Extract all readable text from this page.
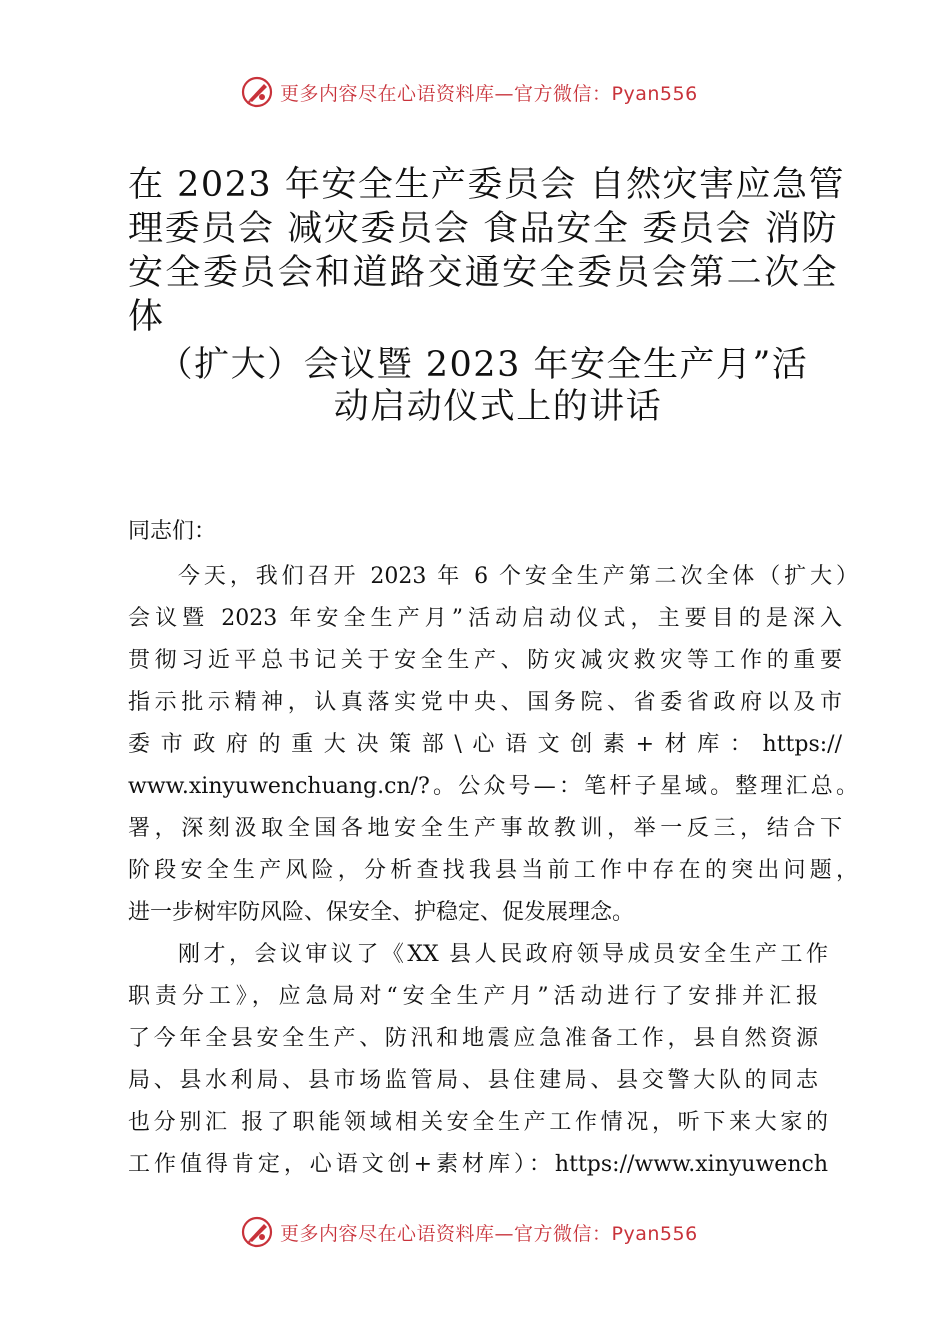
更多内容尽在心语资料库—官方微信：Pyan556
在 2023 年安全生产委员会 自然灾害应急管
理委员会 减灾委员会 食品安全 委员会 消防
安全委员会和道路交通安全委员会第二次全
体
（扩大）会议暨 2023 年安全生产月”活
动启动仪式上的讲话
同志们：
今天，我们召开 2023 年 6 个安全生产第二次全体（扩大）
会议暨 2023 年安全生产月”活动启动仪式，主要目的是深入
贯彻习近平总书记关于安全生产、防灾减灾救灾等工作的重要
指示批示精神，认真落实党中央、国务院、省委省政府以及市
委市政府的重大决策部\心语文创素+材库：https://
www.xinyuwenchuang.cn/?。公众号—：笔杆子星域。整理汇总。
署，深刻汲取全国各地安全生产事故教训，举一反三，结合下
阶段安全生产风险，分析查找我县当前工作中存在的突出问题，
进一步树牢防风险、保安全、护稳定、促发展理念。
刚才，会议审议了《XX 县人民政府领导成员安全生产工作
职责分工》，应急局对“安全生产月”活动进行了安排并汇报
了今年全县安全生产、防汛和地震应急准备工作，县自然资源
局、县水利局、县市场监管局、县住建局、县交警大队的同志
也分别汇 报了职能领域相关安全生产工作情况，听下来大家的
工作值得肯定，心语文创+素材库）：https://www.xinyuwench
更多内容尽在心语资料库—官方微信：Pyan556
